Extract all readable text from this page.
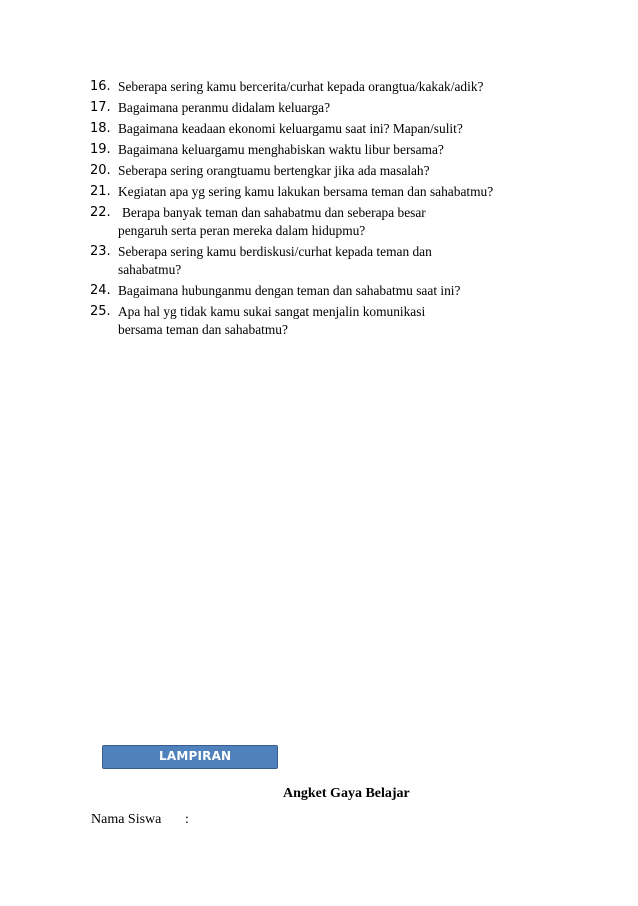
16. Seberapa sering kamu bercerita/curhat kepada orangtua/kakak/adik?
17. Bagaimana peranmu didalam keluarga?
18. Bagaimana keadaan ekonomi keluargamu saat ini? Mapan/sulit?
19. Bagaimana keluargamu menghabiskan waktu libur bersama?
20. Seberapa sering orangtuamu bertengkar jika ada masalah?
21. Kegiatan apa yg sering kamu lakukan bersama teman dan sahabatmu?
22. Berapa banyak teman dan sahabatmu dan seberapa besar
pengaruh serta peran mereka dalam hidupmu?
23. Seberapa sering kamu berdiskusi/curhat kepada teman dan
sahabatmu?
24. Bagaimana hubunganmu dengan teman dan sahabatmu saat ini?
25. Apa hal yg tidak kamu sukai sangat menjalin komunikasi
bersama teman dan sahabatmu?
LAMPIRAN
Angket Gaya Belajar
Nama Siswa :
